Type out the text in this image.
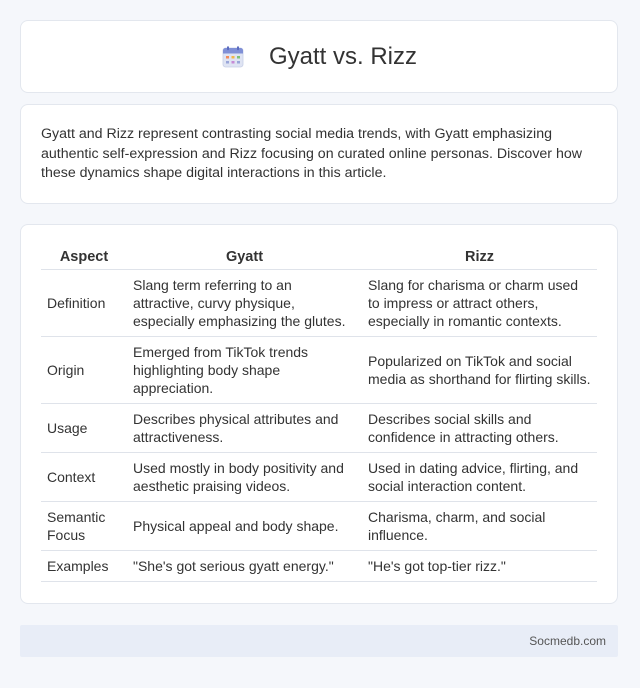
Gyatt vs. Rizz

Gyatt and Rizz represent contrasting social media trends, with Gyatt emphasizing authentic self-expression and Rizz focusing on curated online personas. Discover how these dynamics shape digital interactions in this article.

Aspect	Gyatt	Rizz
Definition	Slang term referring to an attractive, curvy physique, especially emphasizing the glutes.	Slang for charisma or charm used to impress or attract others, especially in romantic contexts.
Origin	Emerged from TikTok trends highlighting body shape appreciation.	Popularized on TikTok and social media as shorthand for flirting skills.
Usage	Describes physical attributes and attractiveness.	Describes social skills and confidence in attracting others.
Context	Used mostly in body positivity and aesthetic praising videos.	Used in dating advice, flirting, and social interaction content.
Semantic Focus	Physical appeal and body shape.	Charisma, charm, and social influence.
Examples	"She's got serious gyatt energy."	"He's got top-tier rizz."
Socmedb.com
